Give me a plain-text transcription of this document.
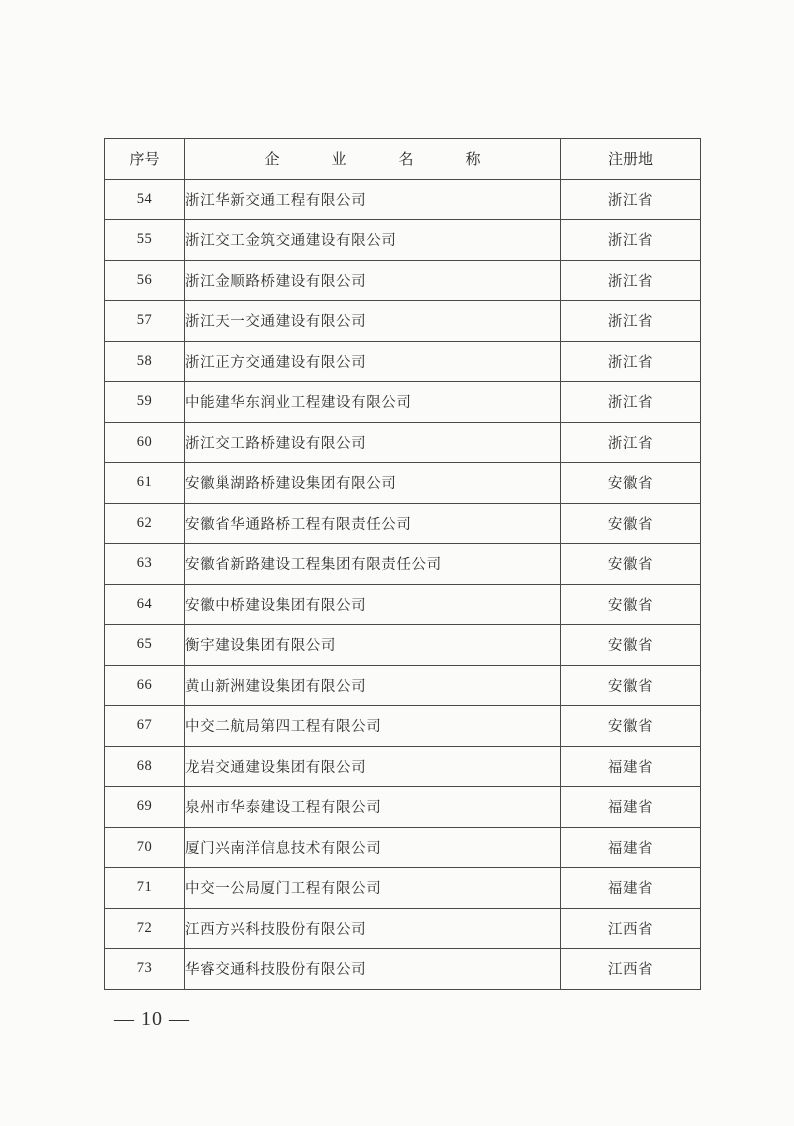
序号	企业名称	注册地
54	浙江华新交通工程有限公司	浙江省
55	浙江交工金筑交通建设有限公司	浙江省
56	浙江金顺路桥建设有限公司	浙江省
57	浙江天一交通建设有限公司	浙江省
58	浙江正方交通建设有限公司	浙江省
59	中能建华东润业工程建设有限公司	浙江省
60	浙江交工路桥建设有限公司	浙江省
61	安徽巢湖路桥建设集团有限公司	安徽省
62	安徽省华通路桥工程有限责任公司	安徽省
63	安徽省新路建设工程集团有限责任公司	安徽省
64	安徽中桥建设集团有限公司	安徽省
65	衡宇建设集团有限公司	安徽省
66	黄山新洲建设集团有限公司	安徽省
67	中交二航局第四工程有限公司	安徽省
68	龙岩交通建设集团有限公司	福建省
69	泉州市华泰建设工程有限公司	福建省
70	厦门兴南洋信息技术有限公司	福建省
71	中交一公局厦门工程有限公司	福建省
72	江西方兴科技股份有限公司	江西省
73	华睿交通科技股份有限公司	江西省
— 10 —
